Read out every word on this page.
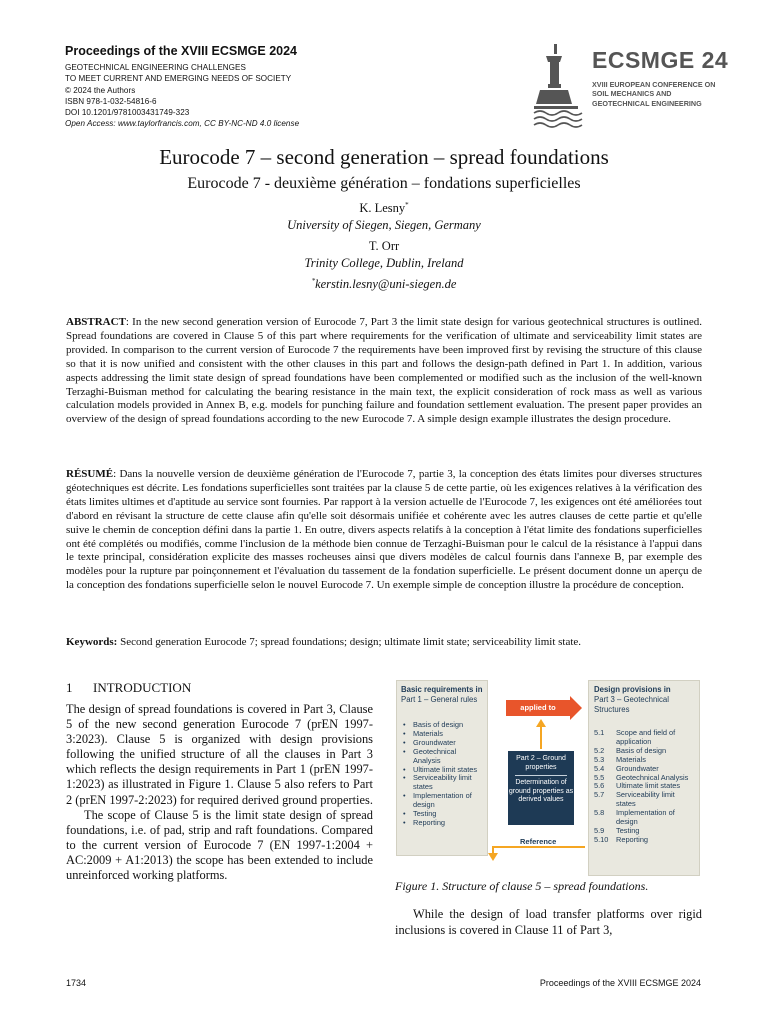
Proceedings of the XVIII ECSMGE 2024
GEOTECHNICAL ENGINEERING CHALLENGES
TO MEET CURRENT AND EMERGING NEEDS OF SOCIETY
© 2024 the Authors
ISBN 978-1-032-54816-6
DOI 10.1201/9781003431749-323
Open Access: www.taylorfrancis.com, CC BY-NC-ND 4.0 license
ECSMGE 24
XVIII EUROPEAN CONFERENCE ON SOIL MECHANICS AND GEOTECHNICAL ENGINEERING
Eurocode 7 – second generation – spread foundations
Eurocode 7 - deuxième génération – fondations superficielles
K. Lesny*
University of Siegen, Siegen, Germany
T. Orr
Trinity College, Dublin, Ireland
*kerstin.lesny@uni-siegen.de
ABSTRACT: In the new second generation version of Eurocode 7, Part 3 the limit state design for various geotechnical structures is outlined. Spread foundations are covered in Clause 5 of this part where requirements for the verification of ultimate and serviceability limit states are provided. In comparison to the current version of Eurocode 7 the requirements have been improved first by revising the structure of this clause so that it is now unified and consistent with the other clauses in this part and follows the design-path defined in Part 1. In addition, various aspects addressing the limit state design of spread foundations have been complemented or modified such as the inclusion of the well-known Terzaghi-Buisman method for calculating the bearing resistance in the main text, the explicit consideration of rock mass as well as various calculation models provided in Annex B, e.g. models for punching failure and foundation settlement evaluation. The present paper provides an overview of the design of spread foundations according to the new Eurocode 7. A simple design example illustrates the design procedure.
RÉSUMÉ: Dans la nouvelle version de deuxième génération de l'Eurocode 7, partie 3, la conception des états limites pour diverses structures géotechniques est décrite. Les fondations superficielles sont traitées par la clause 5 de cette partie, où les exigences relatives à la vérification des états limites ultimes et d'aptitude au service sont fournies. Par rapport à la version actuelle de l'Eurocode 7, les exigences ont été améliorées tout d'abord en révisant la structure de cette clause afin qu'elle soit désormais unifiée et cohérente avec les autres clauses de cette partie et qu'elle suive le chemin de conception défini dans la partie 1. En outre, divers aspects relatifs à la conception à l'état limite des fondations superficielles ont été complétés ou modifiés, comme l'inclusion de la méthode bien connue de Terzaghi-Buisman pour le calcul de la résistance à l'appui dans le texte principal, considération explicite des masses rocheuses ainsi que divers modèles de calcul fournis dans l'annexe B, par exemple des modèles pour la rupture par poinçonnement et l'évaluation du tassement de la fondation superficielle. Le présent document donne un aperçu de la conception des fondations superficielle selon le nouvel Eurocode 7. Un exemple simple de conception illustre la procédure de conception.
Keywords: Second generation Eurocode 7; spread foundations; design; ultimate limit state; serviceability limit state.
1 INTRODUCTION

The design of spread foundations is covered in Part 3, Clause 5 of the new second generation Eurocode 7 (prEN 1997-3:2023). Clause 5 is organized with design provisions following the unified structure of all the clauses in Part 3 which reflects the design requirements in Part 1 (prEN 1997-1:2023) as illustrated in Figure 1. Clause 5 also refers to Part 2 (prEN 1997-2:2023) for required derived ground properties.

The scope of Clause 5 is the limit state design of spread foundations, i.e. of pad, strip and raft foundations. Compared to the current version of Eurocode 7 (EN 1997-1:2004 + AC:2009 + A1:2013) the scope has been extended to include unreinforced working platforms.

Basic requirements in
Part 1 – General rules
• Basis of design
• Materials
• Groundwater
• Geotechnical Analysis
• Ultimate limit states
• Serviceability limit states
• Implementation of design
• Testing
• Reporting
applied to
Part 2 – Ground properties
Determination of ground properties as derived values
Reference
Design provisions in
Part 3 – Geotechnical Structures
5.1 Scope and field of application
5.2 Basis of design
5.3 Materials
5.4 Groundwater
5.5 Geotechnical Analysis
5.6 Ultimate limit states
5.7 Serviceability limit states
5.8 Implementation of design
5.9 Testing
5.10 Reporting
Figure 1. Structure of clause 5 – spread foundations.
While the design of load transfer platforms over rigid inclusions is covered in Clause 11 of Part 3,
1734	Proceedings of the XVIII ECSMGE 2024
